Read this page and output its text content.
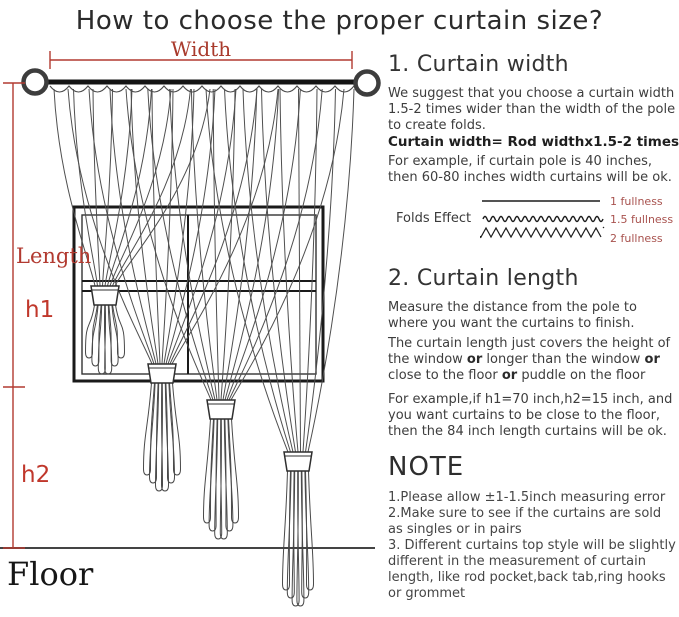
How to choose the proper curtain size?
Width
Length
h1
h2
Floor
1. Curtain width
We suggest that you choose a curtain width 1.5-2 times wider than the width of the pole to create folds.
Curtain width= Rod widthx1.5-2 times
For example, if curtain pole is 40 inches, then 60-80 inches width curtains will be ok.
Folds Effect
1 fullness
1.5 fullness
2 fullness
2. Curtain length
Measure the distance from the pole to where you want the curtains to finish.
The curtain length just covers the height of the window or longer than the window or close to the floor or puddle on the floor
For example,if h1=70 inch,h2=15 inch, and you want curtains to be close to the floor, then the 84 inch length curtains will be ok.
NOTE
1.Please allow ±1-1.5inch measuring error
2.Make sure to see if the curtains are sold as singles or in pairs
3. Different curtains top style will be slightly different in the measurement of curtain length, like rod pocket,back tab,ring hooks or grommet
